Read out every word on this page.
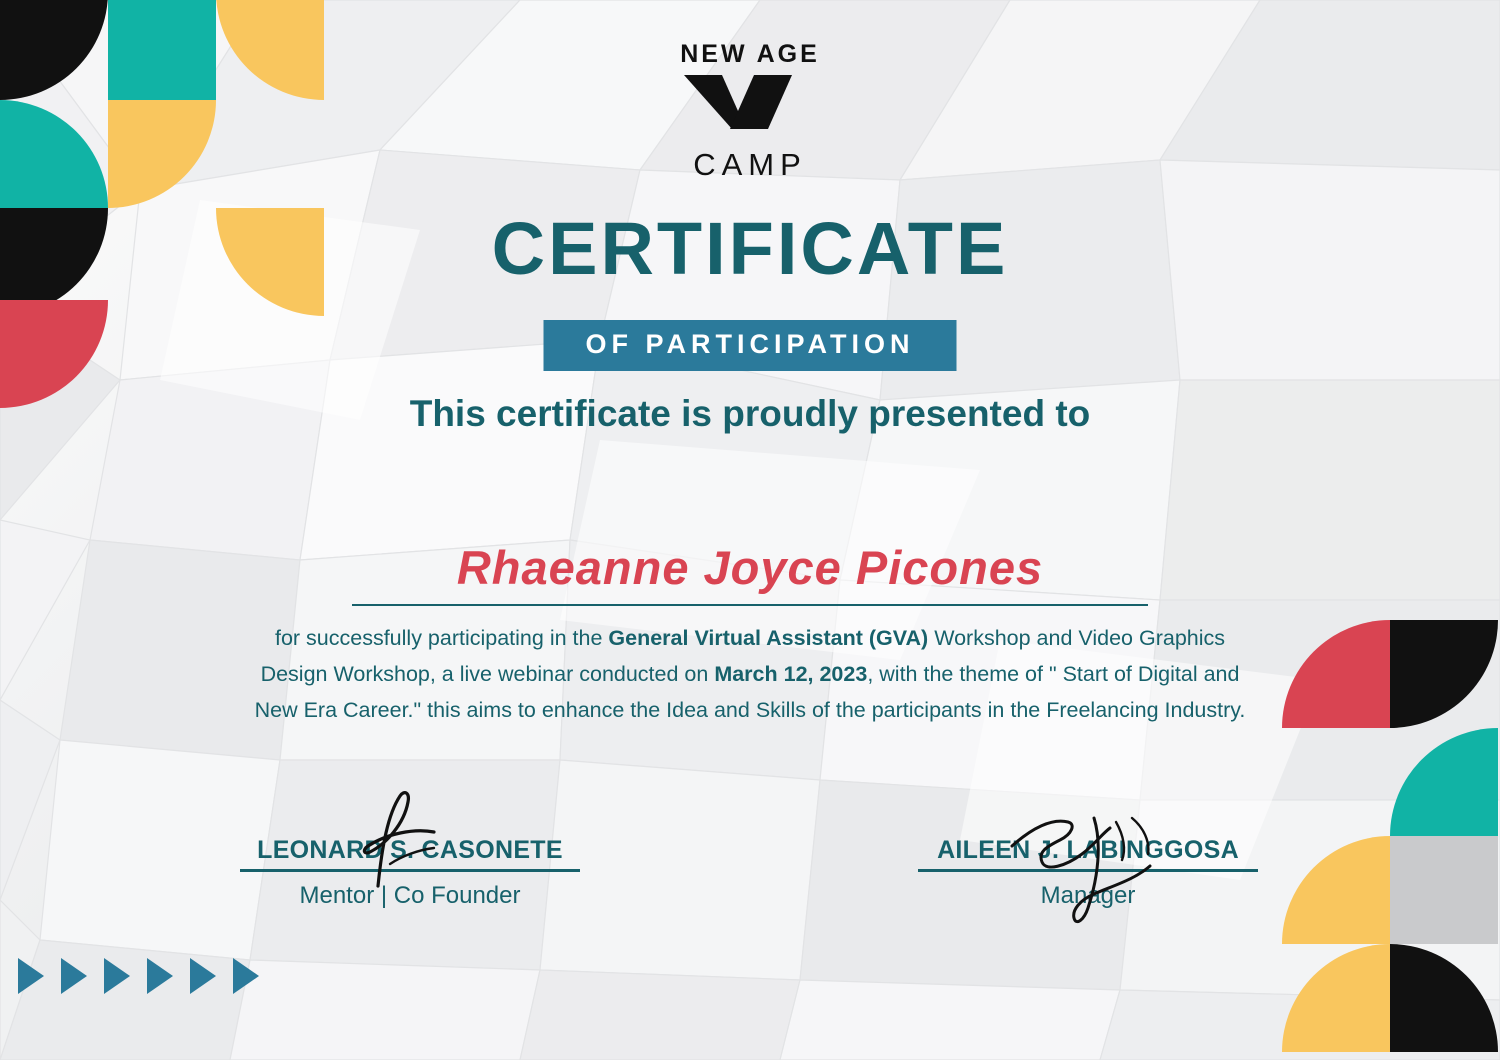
NEW AGE
CAMP
CERTIFICATE
OF PARTICIPATION
This certificate is proudly presented to
Rhaeanne Joyce Picones
for successfully participating in the General Virtual Assistant (GVA) Workshop and Video Graphics Design Workshop, a live webinar conducted on March 12, 2023, with the theme of " Start of Digital and New Era Career." this aims to enhance the Idea and Skills of the participants in the Freelancing Industry.
LEONARD S. CASONETE
Mentor | Co Founder
AILEEN J. LABINGGOSA
Manager
